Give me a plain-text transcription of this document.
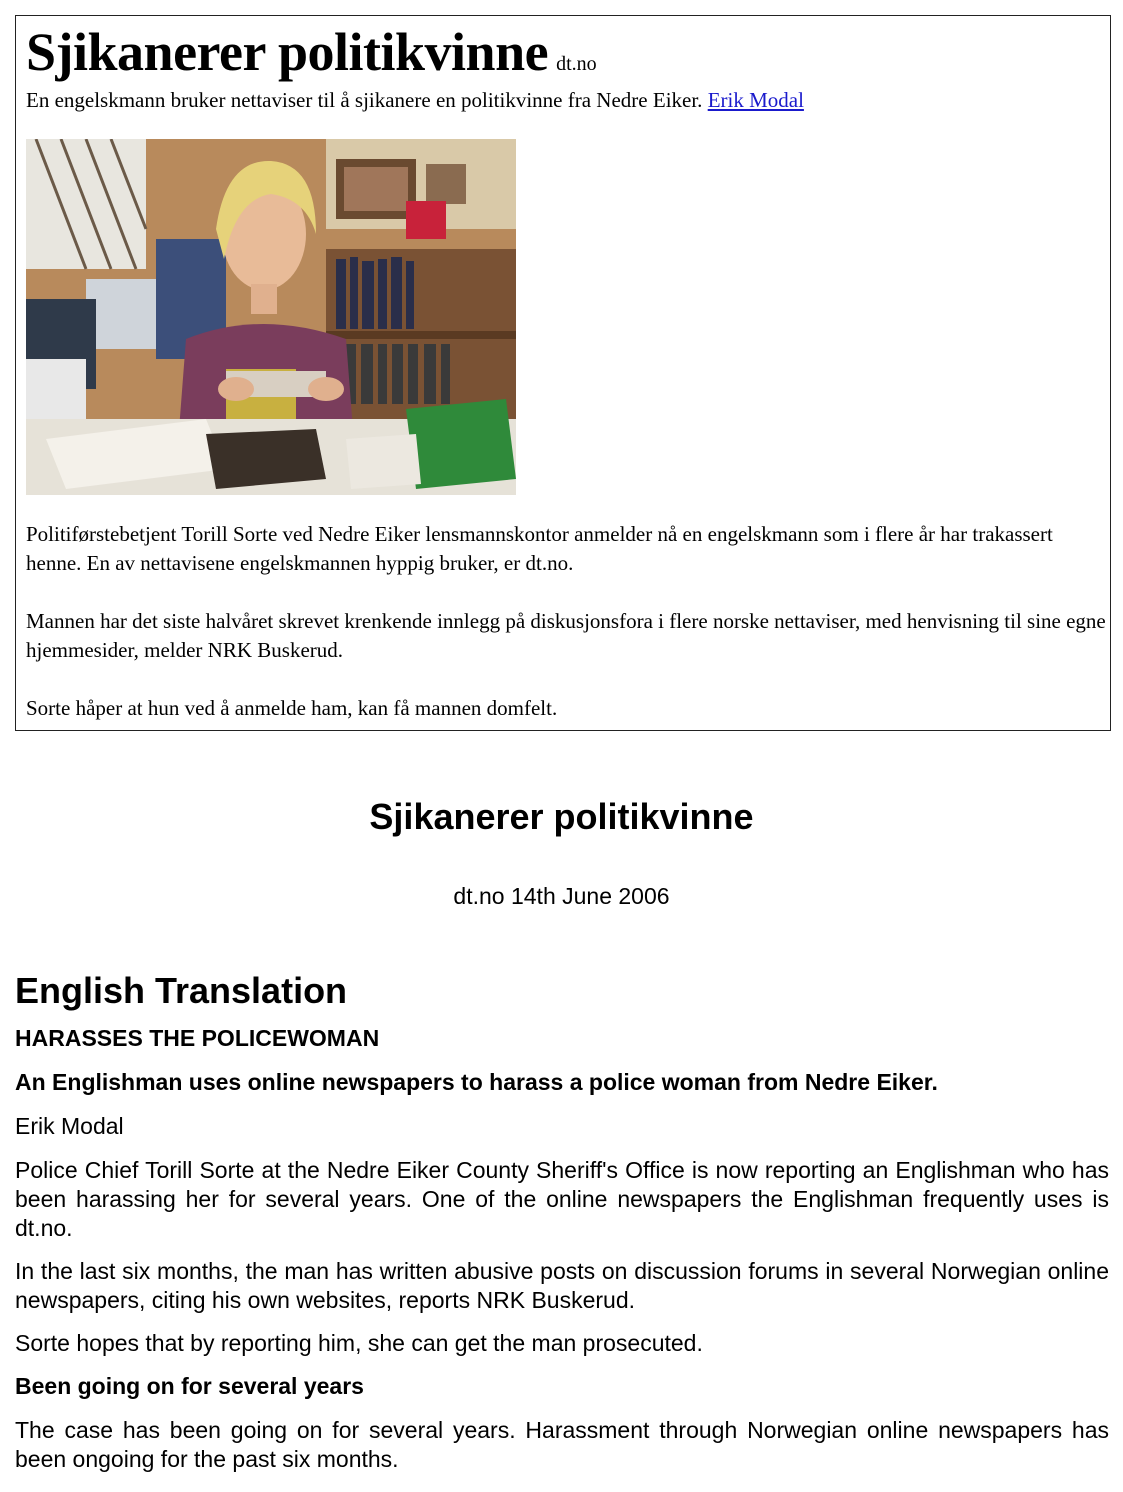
Sjikanerer politikvinne dt.no
En engelskmann bruker nettaviser til å sjikanere en politikvinne fra Nedre Eiker. Erik Modal

Politiførstebetjent Torill Sorte ved Nedre Eiker lensmannskontor anmelder nå en engelskmann som i flere år har trakassert henne. En av nettavisene engelskmannen hyppig bruker, er dt.no.

Mannen har det siste halvåret skrevet krenkende innlegg på diskusjonsfora i flere norske nettaviser, med henvisning til sine egne hjemmesider, melder NRK Buskerud.

Sorte håper at hun ved å anmelde ham, kan få mannen domfelt.

Sjikanerer politikvinne
dt.no 14th June 2006
English Translation
HARASSES THE POLICEWOMAN
An Englishman uses online newspapers to harass a police woman from Nedre Eiker.
Erik Modal
Police Chief Torill Sorte at the Nedre Eiker County Sheriff's Office is now reporting an Englishman who has been harassing her for several years. One of the online newspapers the Englishman frequently uses is dt.no.
In the last six months, the man has written abusive posts on discussion forums in several Norwegian online newspapers, citing his own websites, reports NRK Buskerud.
Sorte hopes that by reporting him, she can get the man prosecuted.
Been going on for several years
The case has been going on for several years. Harassment through Norwegian online newspapers has been ongoing for the past six months.
